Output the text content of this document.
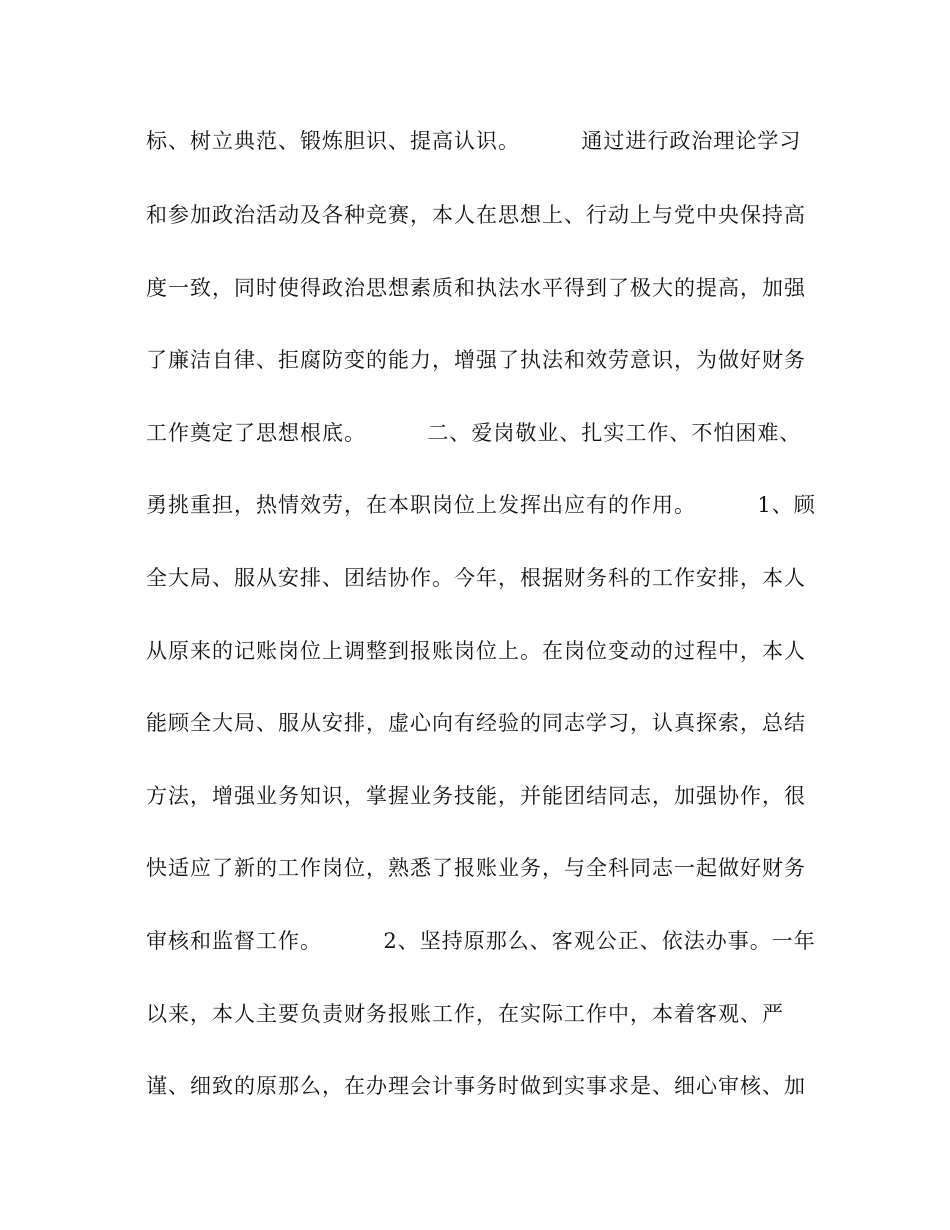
标、树立典范、锻炼胆识、提高认识。        通过进行政治理论学习

和参加政治活动及各种竞赛，本人在思想上、行动上与党中央保持高

度一致，同时使得政治思想素质和执法水平得到了极大的提高，加强

了廉洁自律、拒腐防变的能力，增强了执法和效劳意识，为做好财务

工作奠定了思想根底。        二、爱岗敬业、扎实工作、不怕困难、

勇挑重担，热情效劳，在本职岗位上发挥出应有的作用。        1、顾

全大局、服从安排、团结协作。今年，根据财务科的工作安排，本人

从原来的记账岗位上调整到报账岗位上。在岗位变动的过程中，本人

能顾全大局、服从安排，虚心向有经验的同志学习，认真探索，总结

方法，增强业务知识，掌握业务技能，并能团结同志，加强协作，很

快适应了新的工作岗位，熟悉了报账业务，与全科同志一起做好财务

审核和监督工作。        2、坚持原那么、客观公正、依法办事。一年

以来，本人主要负责财务报账工作，在实际工作中，本着客观、严

谨、细致的原那么，在办理会计事务时做到实事求是、细心审核、加
